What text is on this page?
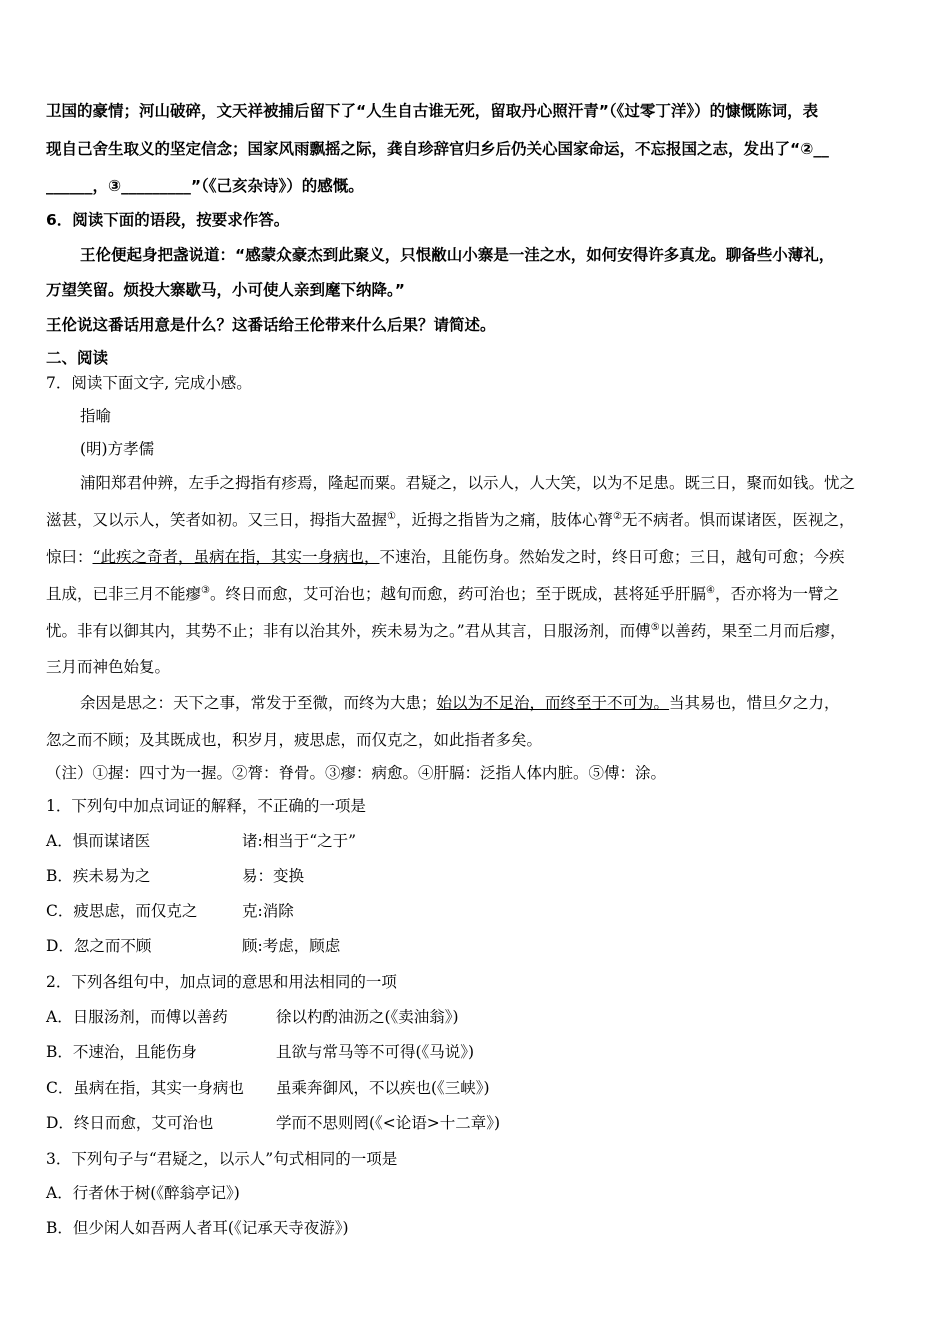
卫国的豪情；河山破碎，文天祥被捕后留下了“人生自古谁无死，留取丹心照汗青”（《过零丁洋》）的慷慨陈词，表
现自己舍生取义的坚定信念；国家风雨飘摇之际，龚自珍辞官归乡后仍关心国家命运，不忘报国之志，发出了“②__
______，③_________”（《己亥杂诗》）的感慨。
6．阅读下面的语段，按要求作答。
王伦便起身把盏说道：“感蒙众豪杰到此聚义，只恨敝山小寨是一洼之水，如何安得许多真龙。聊备些小薄礼，
万望笑留。烦投大寨歇马，小可使人亲到麾下纳降。”
王伦说这番话用意是什么？这番话给王伦带来什么后果？请简述。
二、阅读
7．阅读下面文字, 完成小感。
指喻
(明)方孝儒
浦阳郑君仲辨，左手之拇指有疹焉，隆起而粟。君疑之，以示人，人大笑，以为不足患。既三日，聚而如钱。忧之
滋甚，又以示人，笑者如初。又三日，拇指大盈握①，近拇之指皆为之痛，肢体心膂②无不病者。惧而谋诸医，医视之，
惊曰：“此疾之奇者，虽病在指，其实一身病也，不速治，且能伤身。然始发之时，终日可愈；三日，越旬可愈；今疾
且成，已非三月不能瘳③。终日而愈，艾可治也；越旬而愈，药可治也；至于既成，甚将延乎肝膈④，否亦将为一臂之
忧。非有以御其内，其势不止；非有以治其外，疾未易为之。”君从其言，日服汤剂，而傅⑤以善药，果至二月而后瘳，
三月而神色始复。
余因是思之：天下之事，常发于至微，而终为大患；始以为不足治，而终至于不可为。当其易也，惜旦夕之力，
忽之而不顾；及其既成也，积岁月，疲思虑，而仅克之，如此指者多矣。
（注）①握：四寸为一握。②膂：脊骨。③瘳：病愈。④肝膈：泛指人体内脏。⑤傅：涂。
1．下列句中加点词证的解释，不正确的一项是
A．惧而谋诸医	诸:相当于“之于”
B．疾未易为之	易：变换
C．疲思虑，而仅克之	克:消除
D．忽之而不顾	顾:考虑，顾虑
2．下列各组句中，加点词的意思和用法相同的一项
A．日服汤剂，而傅以善药	徐以杓酌油沥之(《卖油翁》)
B．不速治，且能伤身	且欲与常马等不可得(《马说》)
C．虽病在指，其实一身病也 虽乘奔御风，不以疾也(《三峡》)
D．终日而愈，艾可治也	学而不思则罔(《<论语>十二章》)
3．下列句子与“君疑之，以示人”句式相同的一项是
A．行者休于树(《醉翁亭记》)
B．但少闲人如吾两人者耳(《记承天寺夜游》)
